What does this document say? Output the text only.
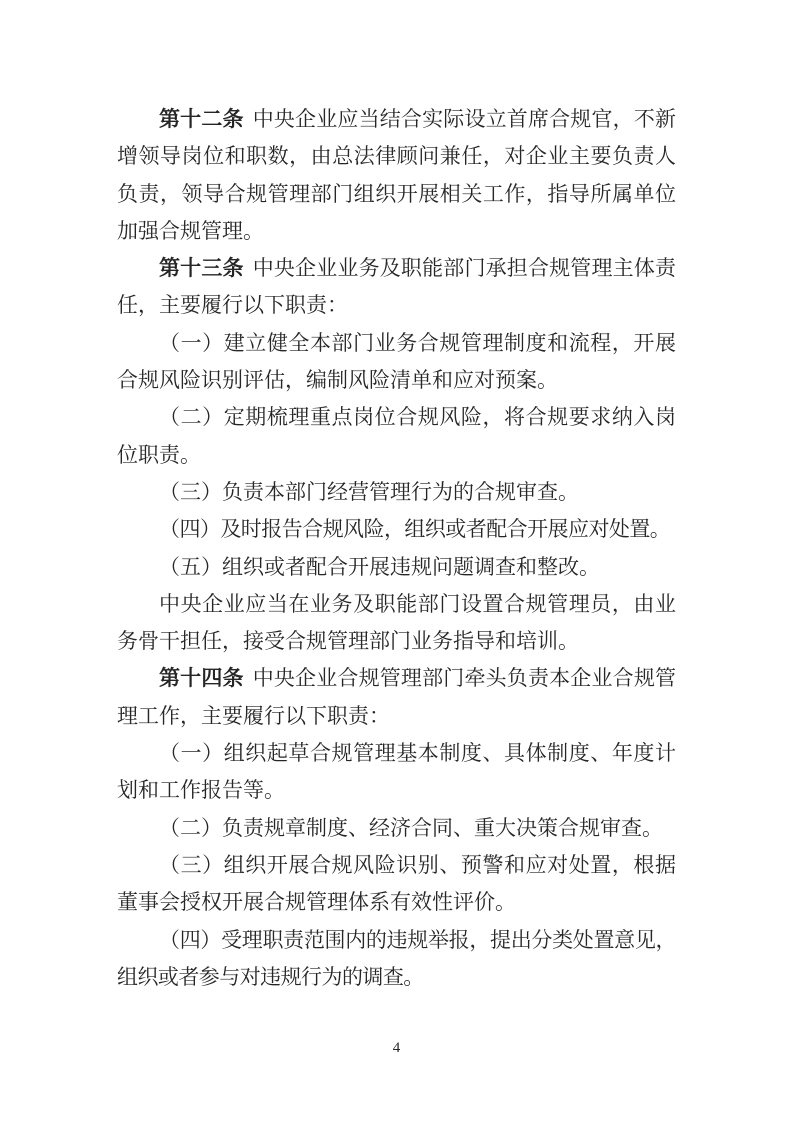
第十二条 中央企业应当结合实际设立首席合规官，不新增领导岗位和职数，由总法律顾问兼任，对企业主要负责人负责，领导合规管理部门组织开展相关工作，指导所属单位加强合规管理。

第十三条 中央企业业务及职能部门承担合规管理主体责任，主要履行以下职责：

（一）建立健全本部门业务合规管理制度和流程，开展合规风险识别评估，编制风险清单和应对预案。

（二）定期梳理重点岗位合规风险，将合规要求纳入岗位职责。

（三）负责本部门经营管理行为的合规审查。

（四）及时报告合规风险，组织或者配合开展应对处置。

（五）组织或者配合开展违规问题调查和整改。

中央企业应当在业务及职能部门设置合规管理员，由业务骨干担任，接受合规管理部门业务指导和培训。

第十四条 中央企业合规管理部门牵头负责本企业合规管理工作，主要履行以下职责：

（一）组织起草合规管理基本制度、具体制度、年度计划和工作报告等。

（二）负责规章制度、经济合同、重大决策合规审查。

（三）组织开展合规风险识别、预警和应对处置，根据董事会授权开展合规管理体系有效性评价。

（四）受理职责范围内的违规举报，提出分类处置意见，组织或者参与对违规行为的调查。

4
